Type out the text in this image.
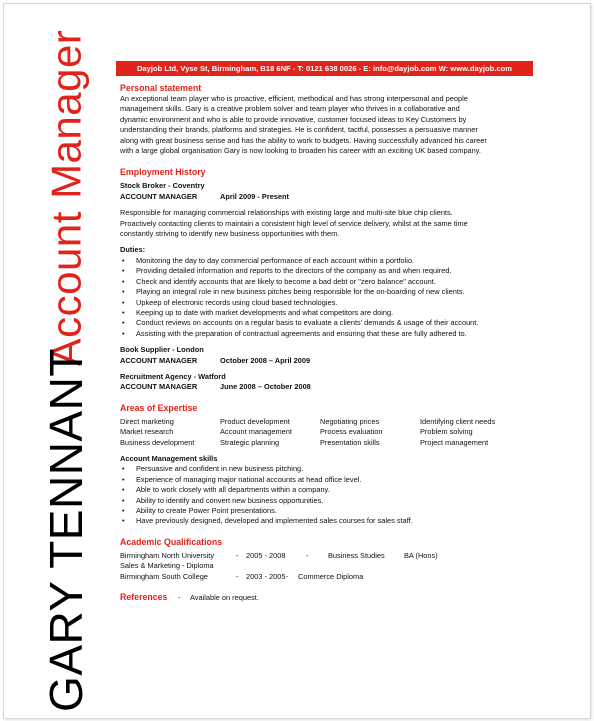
Account Manager
GARY TENNANT
Dayjob Ltd, Vyse St, Birmingham, B18 6NF - T: 0121 638 0026 - E: info@dayjob.com W: www.dayjob.com

Personal statement

An exceptional team player who is proactive, efficient, methodical and has strong interpersonal and people

management skills. Gary is a creative problem solver and team player who thrives in a collaborative and

dynamic environment and who is able to provide innovative, customer focused ideas to Key Customers by

understanding their brands, platforms and strategies. He is confident, tactful, possesses a persuasive manner

along with great business sense and has the ability to work to budgets. Having successfully advanced his career

with a large global organisation Gary is now looking to broaden his career with an exciting UK based company.

Employment History

Stock Broker - Coventry

ACCOUNT MANAGER	April 2009 - Present

Responsible for managing commercial relationships with existing large and multi-site blue chip clients.

Proactively contacting clients to maintain a consistent high level of service delivery, whilst at the same time

constantly striving to identify new business opportunities with them.

Duties:

• Monitoring the day to day commercial performance of each account within a portfolio.
• Providing detailed information and reports to the directors of the company as and when required.
• Check and identify accounts that are likely to become a bad debt or "zero balance" account.
• Playing an integral role in new business pitches being responsible for the on-boarding of new clients.
• Upkeep of electronic records using cloud based technologies.
• Keeping up to date with market developments and what competitors are doing.
• Conduct reviews on accounts on a regular basis to evaluate a clients' demands & usage of their account.
• Assisting with the preparation of contractual agreements and ensuring that these are fully adhered to.

Book Supplier - London

ACCOUNT MANAGER	October 2008 – April 2009

Recruitment Agency - Watford

ACCOUNT MANAGER	June 2008 – October 2008

Areas of Expertise

Direct marketing	Product development	Negotiating prices	Identifying client needs
Market research	Account management	Process evaluation	Problem solving
Business development	Strategic planning	Presentation skills	Project management

Account Management skills

• Persuasive and confident in new business pitching.
• Experience of managing major national accounts at head office level.
• Able to work closely with all departments within a company.
• Ability to identify and convert new business opportunities.
• Ability to create Power Point presentations.
• Have previously designed, developed and implemented sales courses for sales staff.

Academic Qualifications

Birmingham North University	-	2005 - 2008	-	Business Studies	BA (Hons)

Sales & Marketing - Diploma

Birmingham South College	-	2003 - 2005 -	Commerce Diploma
References	-	Available on request.
